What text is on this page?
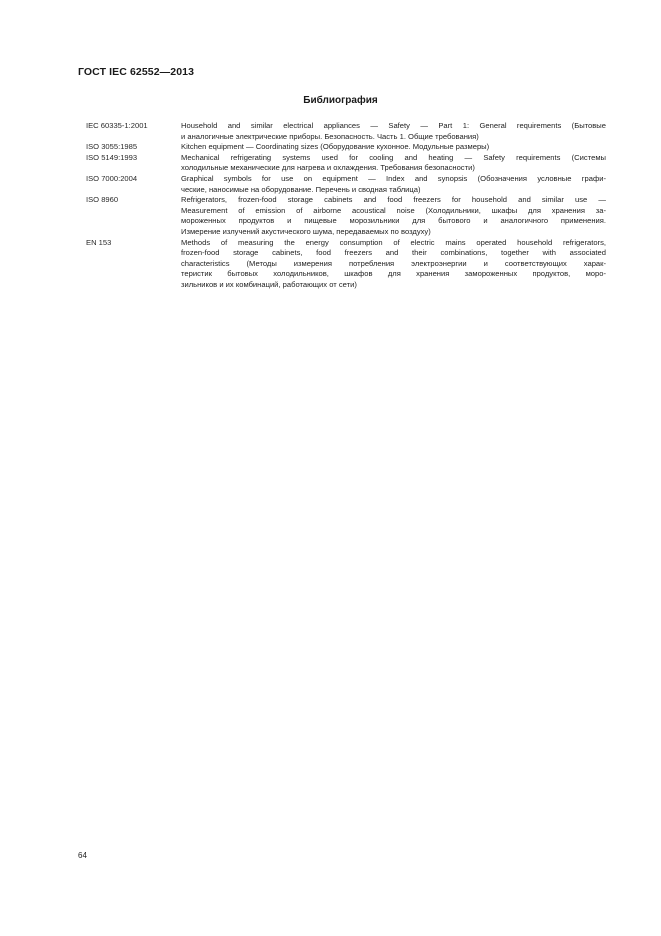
ГОСТ IEC 62552—2013
Библиография
IEC 60335-1:2001	Household and similar electrical appliances — Safety — Part 1: General requirements (Бытовые
и аналогичные электрические приборы. Безопасность. Часть 1. Общие требования)
ISO 3055:1985	Kitchen equipment — Coordinating sizes (Оборудование кухонное. Модульные размеры)
ISO 5149:1993	Mechanical refrigerating systems used for cooling and heating — Safety requirements (Системы
холодильные механические для нагрева и охлаждения. Требования безопасности)
ISO 7000:2004	Graphical symbols for use on equipment — Index and synopsis (Обозначения условные графи-
ческие, наносимые на оборудование. Перечень и сводная таблица)
ISO 8960	Refrigerators, frozen-food storage cabinets and food freezers for household and similar use —
Measurement of emission of airborne acoustical noise (Холодильники, шкафы для хранения за-
мороженных продуктов и пищевые морозильники для бытового и аналогичного применения.
Измерение излучений акустического шума, передаваемых по воздуху)
EN 153	Methods of measuring the energy consumption of electric mains operated household refrigerators,
frozen-food storage cabinets, food freezers and their combinations, together with associated
characteristics (Методы измерения потребления электроэнергии и соответствующих харак-
теристик бытовых холодильников, шкафов для хранения замороженных продуктов, моро-
зильников и их комбинаций, работающих от сети)
64
